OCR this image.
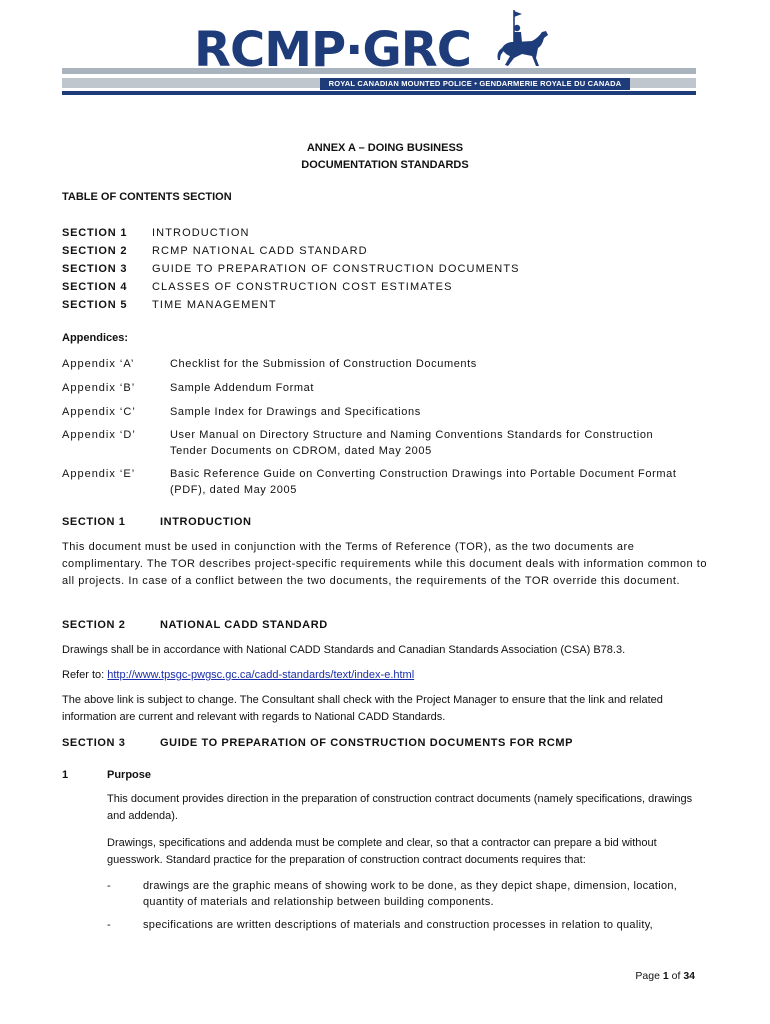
RCMP·GRC
ROYAL CANADIAN MOUNTED POLICE • GENDARMERIE ROYALE DU CANADA
ANNEX A – DOING BUSINESS
DOCUMENTATION STANDARDS
TABLE OF CONTENTS SECTION
SECTION 1 INTRODUCTION
SECTION 2 RCMP NATIONAL CADD STANDARD
SECTION 3 GUIDE TO PREPARATION OF CONSTRUCTION DOCUMENTS
SECTION 4 CLASSES OF CONSTRUCTION COST ESTIMATES
SECTION 5 TIME MANAGEMENT
Appendices:
Appendix ‘A’	Checklist for the Submission of Construction Documents
Appendix ‘B’	Sample Addendum Format
Appendix ‘C’	Sample Index for Drawings and Specifications
Appendix ‘D’	User Manual on Directory Structure and Naming Conventions Standards for Construction Tender Documents on CDROM, dated May 2005
Appendix ‘E’	Basic Reference Guide on Converting Construction Drawings into Portable Document Format (PDF), dated May 2005
SECTION 1	INTRODUCTION
This document must be used in conjunction with the Terms of Reference (TOR), as the two documents are complimentary. The TOR describes project-specific requirements while this document deals with information common to all projects. In case of a conflict between the two documents, the requirements of the TOR override this document.
SECTION 2	NATIONAL CADD STANDARD
Drawings shall be in accordance with National CADD Standards and Canadian Standards Association (CSA) B78.3.
Refer to: http://www.tpsgc-pwgsc.gc.ca/cadd-standards/text/index-e.html
The above link is subject to change. The Consultant shall check with the Project Manager to ensure that the link and related information are current and relevant with regards to National CADD Standards.
SECTION 3	GUIDE TO PREPARATION OF CONSTRUCTION DOCUMENTS FOR RCMP
1	Purpose
This document provides direction in the preparation of construction contract documents (namely specifications, drawings and addenda).
Drawings, specifications and addenda must be complete and clear, so that a contractor can prepare a bid without guesswork. Standard practice for the preparation of construction contract documents requires that:
-	drawings are the graphic means of showing work to be done, as they depict shape, dimension, location, quantity of materials and relationship between building components.
-	specifications are written descriptions of materials and construction processes in relation to quality,
Page 1 of 34
